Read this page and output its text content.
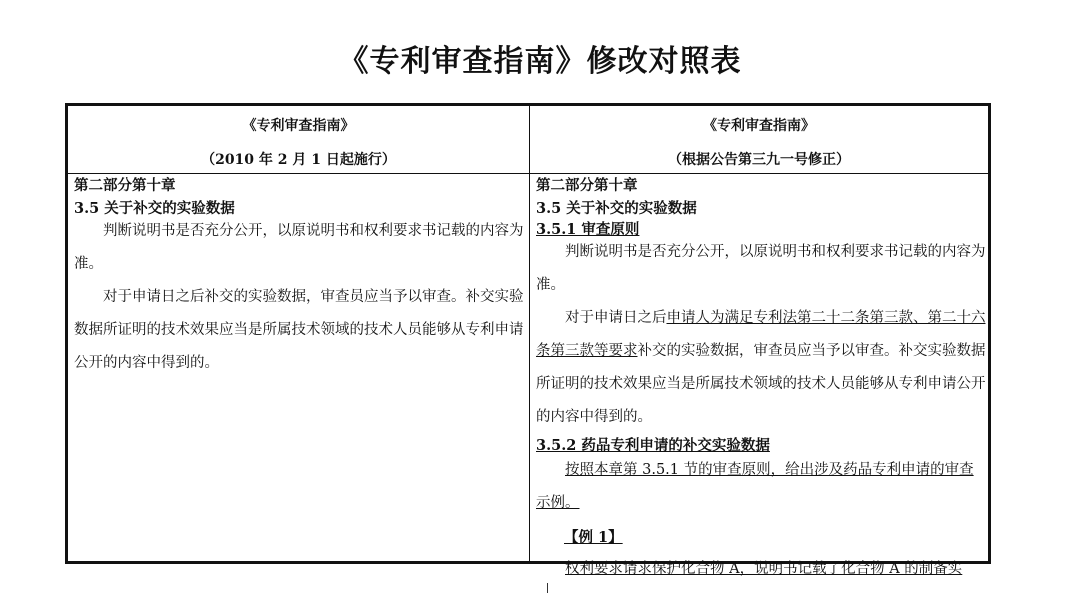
《专利审查指南》修改对照表
《专利审查指南》
（2010 年 2 月 1 日起施行）
《专利审查指南》
（根据公告第三九一号修正）
第二部分第十章
3.5 关于补交的实验数据

判断说明书是否充分公开，以原说明书和权利要求书记载的内容为准。

对于申请日之后补交的实验数据，审查员应当予以审查。补交实验数据所证明的技术效果应当是所属技术领域的技术人员能够从专利申请公开的内容中得到的。

第二部分第十章
3.5 关于补交的实验数据
3.5.1 审查原则

判断说明书是否充分公开，以原说明书和权利要求书记载的内容为准。

对于申请日之后申请人为满足专利法第二十二条第三款、第二十六条第三款等要求补交的实验数据，审查员应当予以审查。补交实验数据所证明的技术效果应当是所属技术领域的技术人员能够从专利申请公开的内容中得到的。

3.5.2 药品专利申请的补交实验数据

按照本章第 3.5.1 节的审查原则，给出涉及药品专利申请的审查示例。

【例 1】

权利要求请求保护化合物 A，说明书记载了化合物 A 的制备实
